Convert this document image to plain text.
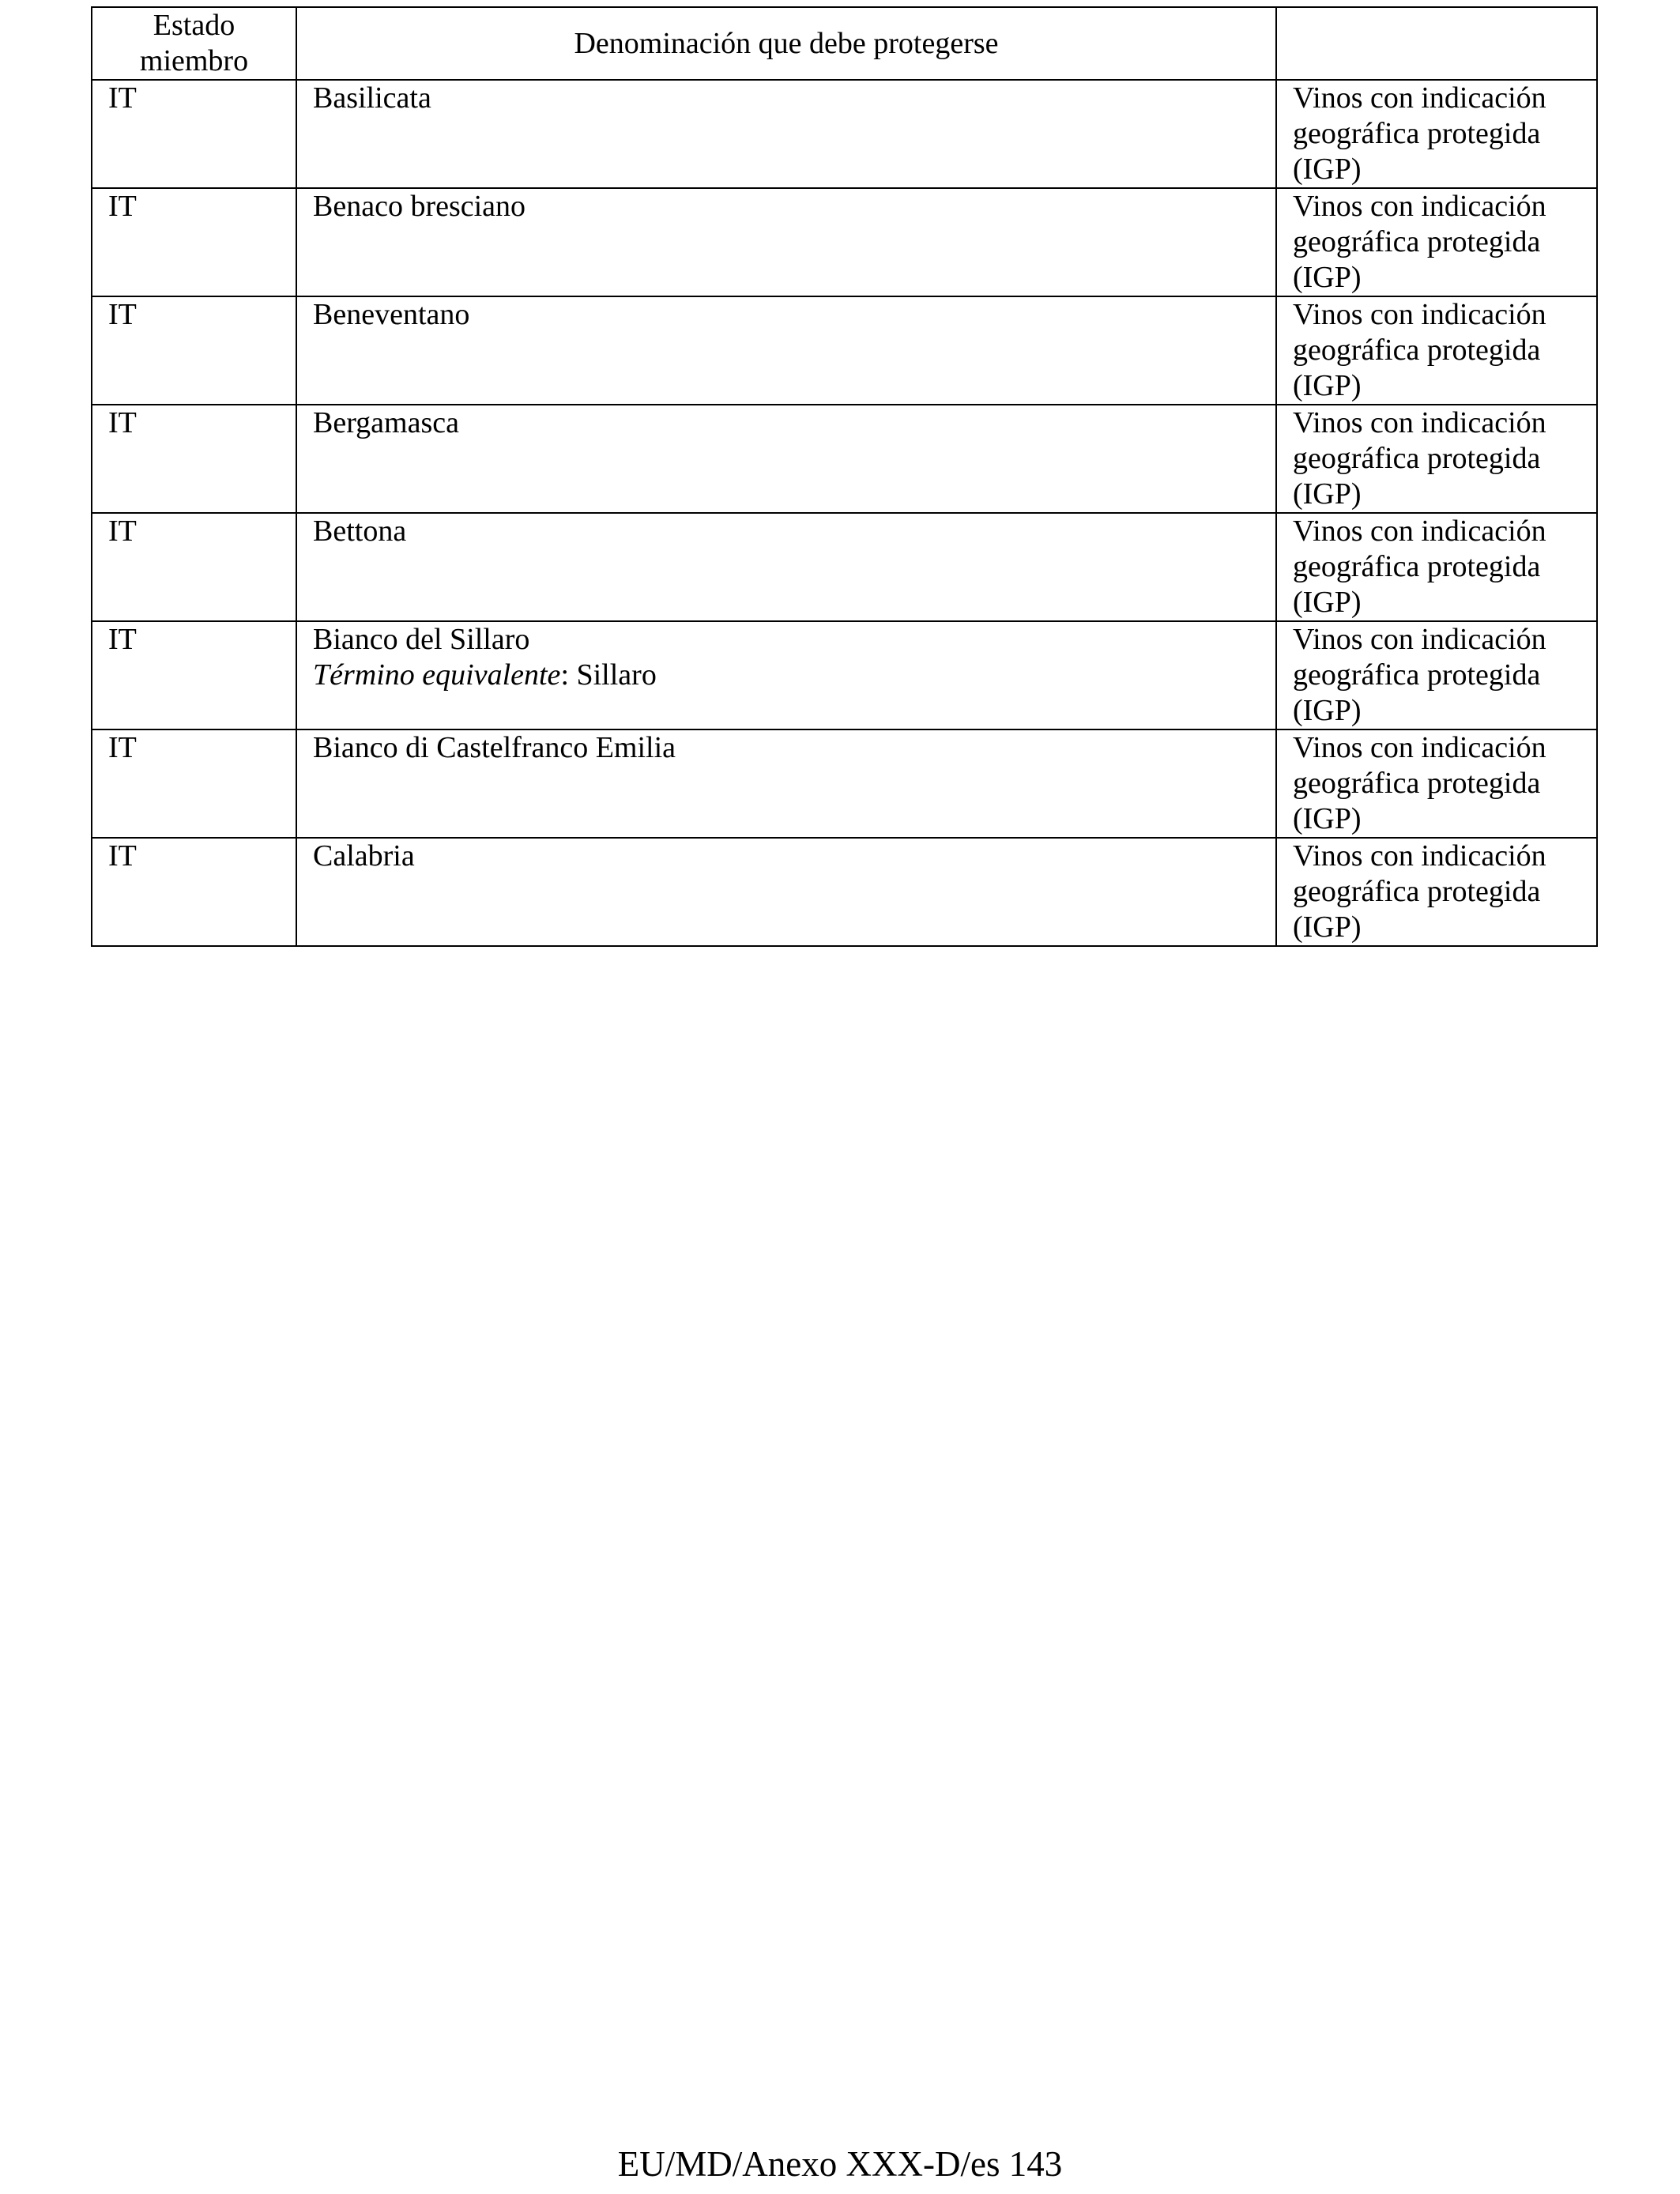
Estado
miembro	Denominación que debe protegerse	
IT	Basilicata	Vinos con indicación
geográfica protegida
(IGP)

IT	Benaco bresciano	Vinos con indicación
geográfica protegida
(IGP)

IT	Beneventano	Vinos con indicación
geográfica protegida
(IGP)

IT	Bergamasca	Vinos con indicación
geográfica protegida
(IGP)

IT	Bettona	Vinos con indicación
geográfica protegida
(IGP)

IT	Bianco del Sillaro
Término equivalente: Sillaro	Vinos con indicación
geográfica protegida
(IGP)

IT	Bianco di Castelfranco Emilia	Vinos con indicación
geográfica protegida
(IGP)

IT	Calabria	Vinos con indicación
geográfica protegida
(IGP)
EU/MD/Anexo XXX-D/es 143
